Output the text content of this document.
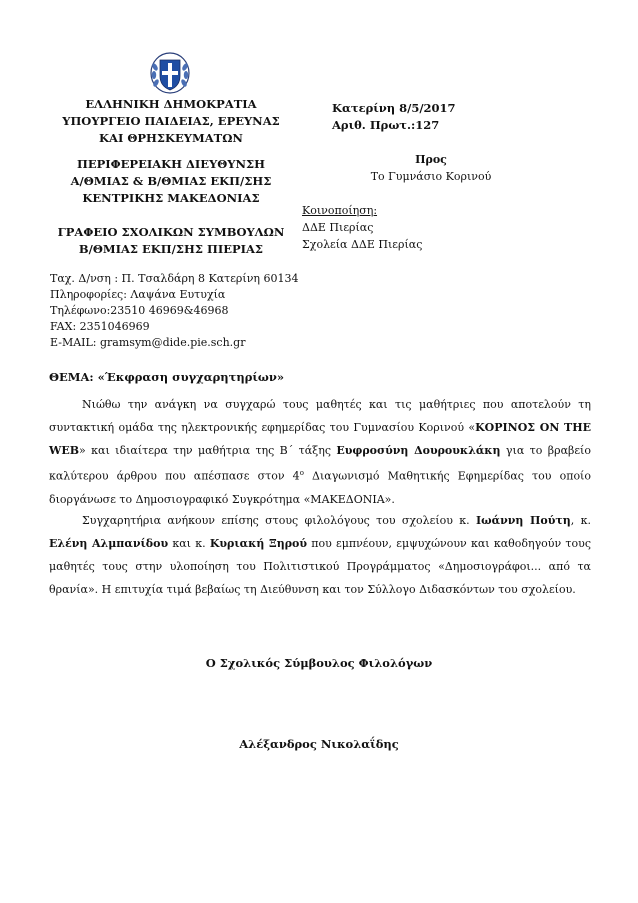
ΕΛΛΗΝΙΚΗ ΔΗΜΟΚΡΑΤΙΑ
ΥΠΟΥΡΓΕΙΟ ΠΑΙΔΕΙΑΣ, ΕΡΕΥΝΑΣ
ΚΑΙ ΘΡΗΣΚΕΥΜΑΤΩΝ
ΠΕΡΙΦΕΡΕΙΑΚΗ ΔΙΕΥΘΥΝΣΗ
Α/ΘΜΙΑΣ & Β/ΘΜΙΑΣ ΕΚΠ/ΣΗΣ
ΚΕΝΤΡΙΚΗΣ ΜΑΚΕΔΟΝΙΑΣ
ΓΡΑΦΕΙΟ ΣΧΟΛΙΚΩΝ ΣΥΜΒΟΥΛΩΝ
Β/ΘΜΙΑΣ ΕΚΠ/ΣΗΣ ΠΙΕΡΙΑΣ
Ταχ. Δ/νση : Π. Τσαλδάρη 8 Κατερίνη 60134
Πληροφορίες: Λαψάνα Ευτυχία
Τηλέφωνο:23510 46969&46968
FAX: 2351046969
E-MAIL: gramsym@dide.pie.sch.gr
Κατερίνη 8/5/2017
Αριθ. Πρωτ.:127
Προς
Το Γυμνάσιο Κορινού
Κοινοποίηση:
ΔΔΕ Πιερίας
Σχολεία ΔΔΕ Πιερίας
ΘΕΜΑ: «Έκφραση συγχαρητηρίων»

Νιώθω την ανάγκη να συγχαρώ τους μαθητές και τις μαθήτριες που αποτελούν τη συντακτική ομάδα της ηλεκτρονικής εφημερίδας του Γυμνασίου Κορινού «ΚΟΡΙΝΟΣ ON THE WEB» και ιδιαίτερα την μαθήτρια της Β΄ τάξης Ευφροσύνη Δουρουκλάκη για το βραβείο καλύτερου άρθρου που απέσπασε στον $4^o$ Διαγωνισμό Μαθητικής Εφημερίδας του οποίο διοργάνωσε το Δημοσιογραφικό Συγκρότημα «ΜΑΚΕΔΟΝΙΑ».

Συγχαρητήρια ανήκουν επίσης στους φιλολόγους του σχολείου κ. Ιωάννη Πούτη, κ. Ελένη Αλμπανίδου και κ. Κυριακή Ξηρού που εμπνέουν, εμψυχώνουν και καθοδηγούν τους μαθητές τους στην υλοποίηση του Πολιτιστικού Προγράμματος «Δημοσιογράφοι... από τα θρανία». Η επιτυχία τιμά βεβαίως τη Διεύθυνση και τον Σύλλογο Διδασκόντων του σχολείου.

Ο Σχολικός Σύμβουλος Φιλολόγων
Αλέξανδρος Νικολαΐδης
